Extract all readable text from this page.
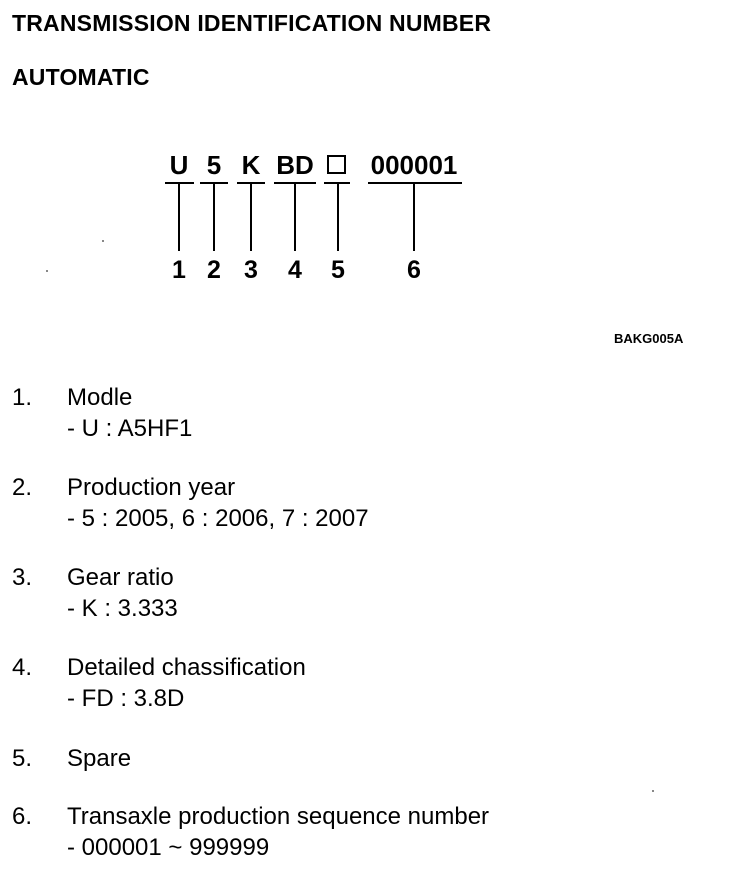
TRANSMISSION IDENTIFICATION NUMBER
AUTOMATIC
U 5 K BD 000001
1 2 3	4	5	6
BAKG005A
1. Modle
- U : A5HF1
2. Production year
- 5 : 2005, 6 : 2006, 7 : 2007
3. Gear ratio
- K : 3.333
4. Detailed chassification
- FD : 3.8D
5. Spare
6. Transaxle production sequence number
- 000001 ~ 999999
